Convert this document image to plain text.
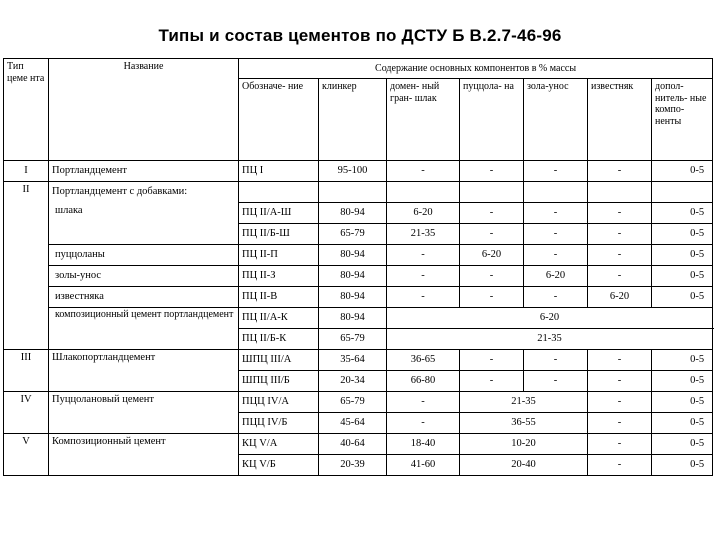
Типы и состав цементов по ДСТУ Б В.2.7-46-96
Тип цеме нта	Название	Содержание основных компонентов в % массы						
		Обозначе- ние	клинкер	домен- ный гран- шлак	пуццола- на	зола-унос	известняк	допол- нитель- ные компо- ненты
I	Портландцемент	ПЦ I	95-100	-	-	-	-	0-5
II	Портландцемент с добавками:							
	шлака	ПЦ II/А-Ш	80-94	6-20	-	-	-	0-5
		ПЦ II/Б-Ш	65-79	21-35	-	-	-	0-5
	пуццоланы	ПЦ II-П	80-94	-	6-20	-	-	0-5
	золы-унос	ПЦ II-З	80-94	-	-	6-20	-	0-5
	известняка	ПЦ II-В	80-94	-	-	-	6-20	0-5
	композиционный цемент портландцемент	ПЦ II/А-К	80-94	6-20				
		ПЦ II/Б-К	65-79	21-35				
III	Шлакопортландцемент	ШПЦ III/А	35-64	36-65	-	-	-	0-5
		ШПЦ III/Б	20-34	66-80	-	-	-	0-5
IV	Пуццолановый цемент	ПЦЦ IV/А	65-79	-	21-35		-	0-5
		ПЦЦ IV/Б	45-64	-	36-55		-	0-5
V	Композиционный цемент	КЦ V/А	40-64	18-40	10-20		-	0-5
		КЦ V/Б	20-39	41-60	20-40		-	0-5
